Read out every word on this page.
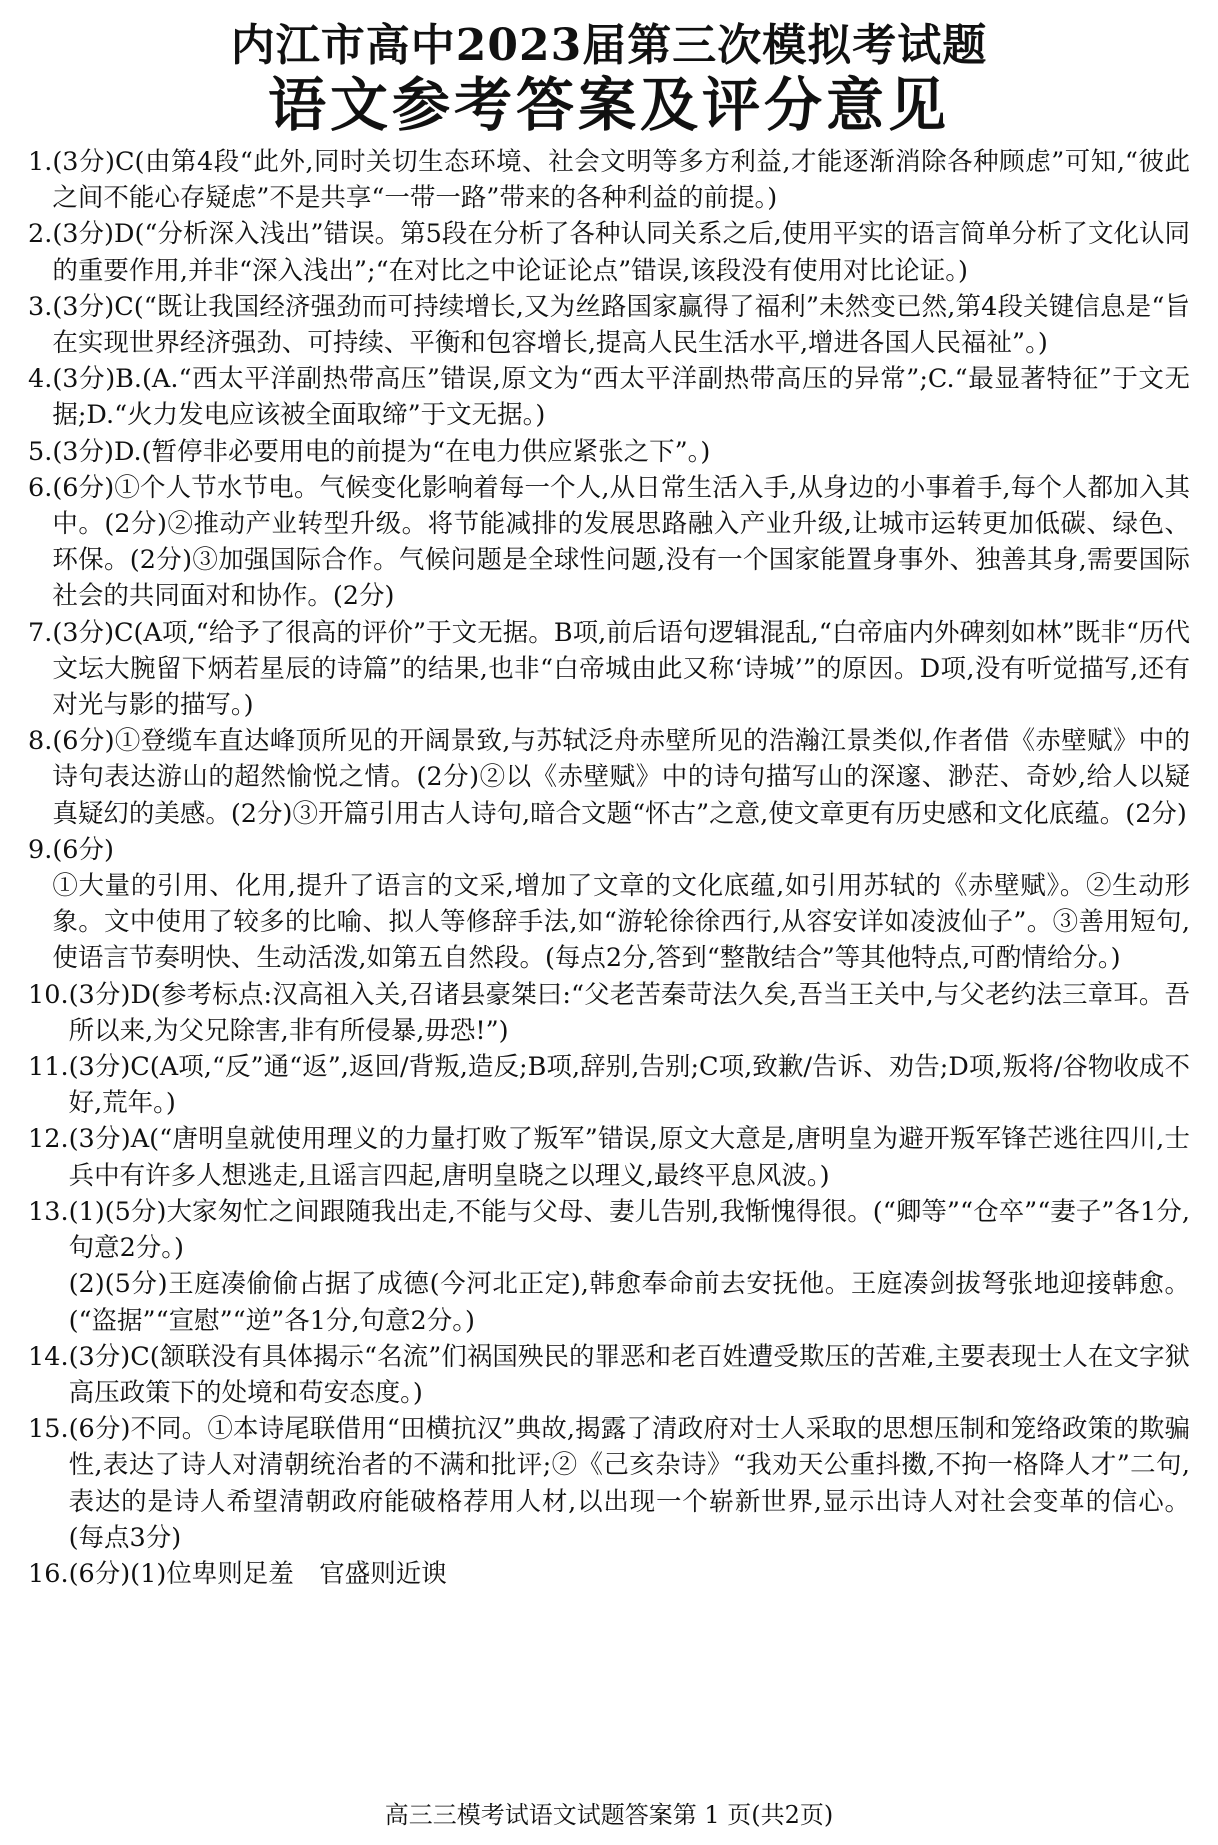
内江市高中2023届第三次模拟考试题
语文参考答案及评分意见
1. (3分)C(由第4段“此外,同时关切生态环境、社会文明等多方利益,才能逐渐消除各种顾虑”可知,“彼此之间不能心存疑虑”不是共享“一带一路”带来的各种利益的前提。)
2. (3分)D(“分析深入浅出”错误。第5段在分析了各种认同关系之后,使用平实的语言简单分析了文化认同的重要作用,并非“深入浅出”;“在对比之中论证论点”错误,该段没有使用对比论证。)
3. (3分)C(“既让我国经济强劲而可持续增长,又为丝路国家赢得了福利”未然变已然,第4段关键信息是“旨在实现世界经济强劲、可持续、平衡和包容增长,提高人民生活水平,增进各国人民福祉”。)
4. (3分)B.(A.“西太平洋副热带高压”错误,原文为“西太平洋副热带高压的异常”;C.“最显著特征”于文无据;D.“火力发电应该被全面取缔”于文无据。)
5. (3分)D.(暂停非必要用电的前提为“在电力供应紧张之下”。)
6. (6分)①个人节水节电。气候变化影响着每一个人,从日常生活入手,从身边的小事着手,每个人都加入其中。(2分)②推动产业转型升级。将节能减排的发展思路融入产业升级,让城市运转更加低碳、绿色、环保。(2分)③加强国际合作。气候问题是全球性问题,没有一个国家能置身事外、独善其身,需要国际社会的共同面对和协作。(2分)
7. (3分)C(A项,“给予了很高的评价”于文无据。B项,前后语句逻辑混乱,“白帝庙内外碑刻如林”既非“历代文坛大腕留下炳若星辰的诗篇”的结果,也非“白帝城由此又称‘诗城’”的原因。D项,没有听觉描写,还有对光与影的描写。)
8. (6分)①登缆车直达峰顶所见的开阔景致,与苏轼泛舟赤壁所见的浩瀚江景类似,作者借《赤壁赋》中的诗句表达游山的超然愉悦之情。(2分)②以《赤壁赋》中的诗句描写山的深邃、渺茫、奇妙,给人以疑真疑幻的美感。(2分)③开篇引用古人诗句,暗合文题“怀古”之意,使文章更有历史感和文化底蕴。(2分)
9. (6分)
①大量的引用、化用,提升了语言的文采,增加了文章的文化底蕴,如引用苏轼的《赤壁赋》。②生动形象。文中使用了较多的比喻、拟人等修辞手法,如“游轮徐徐西行,从容安详如凌波仙子”。③善用短句,使语言节奏明快、生动活泼,如第五自然段。(每点2分,答到“整散结合”等其他特点,可酌情给分。)
10. (3分)D(参考标点:汉高祖入关,召诸县豪桀曰:“父老苦秦苛法久矣,吾当王关中,与父老约法三章耳。吾所以来,为父兄除害,非有所侵暴,毋恐!”)
11. (3分)C(A项,“反”通“返”,返回/背叛,造反;B项,辞别,告别;C项,致歉/告诉、劝告;D项,叛将/谷物收成不好,荒年。)
12. (3分)A(“唐明皇就使用理义的力量打败了叛军”错误,原文大意是,唐明皇为避开叛军锋芒逃往四川,士兵中有许多人想逃走,且谣言四起,唐明皇晓之以理义,最终平息风波。)
13. (1)(5分)大家匆忙之间跟随我出走,不能与父母、妻儿告别,我惭愧得很。(“卿等”“仓卒”“妻子”各1分,句意2分。)
(2)(5分)王庭凑偷偷占据了成德(今河北正定),韩愈奉命前去安抚他。王庭凑剑拔弩张地迎接韩愈。(“盗据”“宣慰”“逆”各1分,句意2分。)
14. (3分)C(颔联没有具体揭示“名流”们祸国殃民的罪恶和老百姓遭受欺压的苦难,主要表现士人在文字狱高压政策下的处境和苟安态度。)
15. (6分)不同。①本诗尾联借用“田横抗汉”典故,揭露了清政府对士人采取的思想压制和笼络政策的欺骗性,表达了诗人对清朝统治者的不满和批评;②《己亥杂诗》“我劝天公重抖擞,不拘一格降人才”二句,表达的是诗人希望清朝政府能破格荐用人材,以出现一个崭新世界,显示出诗人对社会变革的信心。(每点3分)
16. (6分)(1)位卑则足羞　官盛则近谀
高三三模考试语文试题答案第 1 页(共2页)
